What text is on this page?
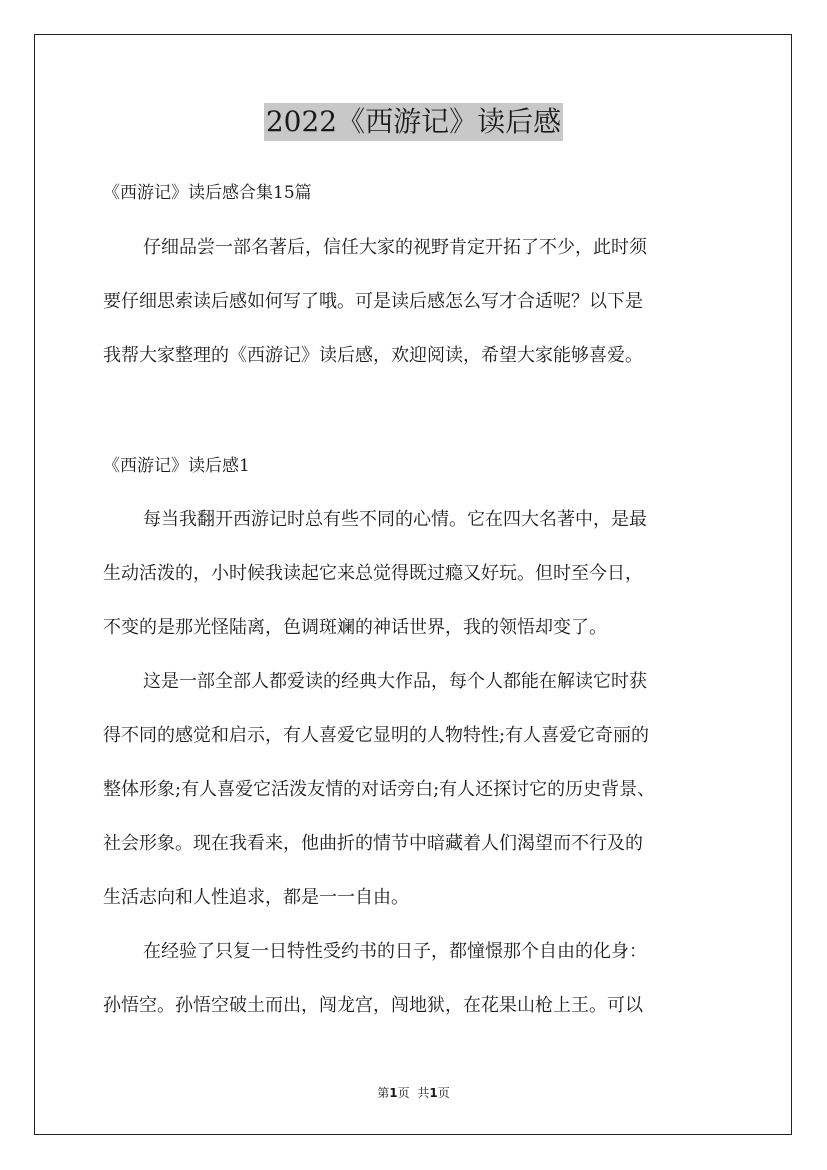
2022《西游记》读后感
《西游记》读后感合集15篇
仔细品尝一部名著后，信任大家的视野肯定开拓了不少，此时须
要仔细思索读后感如何写了哦。可是读后感怎么写才合适呢？以下是
我帮大家整理的《西游记》读后感，欢迎阅读，希望大家能够喜爱。
《西游记》读后感1
每当我翻开西游记时总有些不同的心情。它在四大名著中，是最
生动活泼的，小时候我读起它来总觉得既过瘾又好玩。但时至今日，
不变的是那光怪陆离，色调斑斓的神话世界，我的领悟却变了。
这是一部全部人都爱读的经典大作品，每个人都能在解读它时获
得不同的感觉和启示，有人喜爱它显明的人物特性;有人喜爱它奇丽的
整体形象;有人喜爱它活泼友情的对话旁白;有人还探讨它的历史背景、
社会形象。现在我看来，他曲折的情节中暗藏着人们渴望而不行及的
生活志向和人性追求，都是一一自由。
在经验了只复一日特性受约书的日子，都憧憬那个自由的化身：
孙悟空。孙悟空破土而出，闯龙宫，闯地狱，在花果山枪上王。可以
第1页 共1页
